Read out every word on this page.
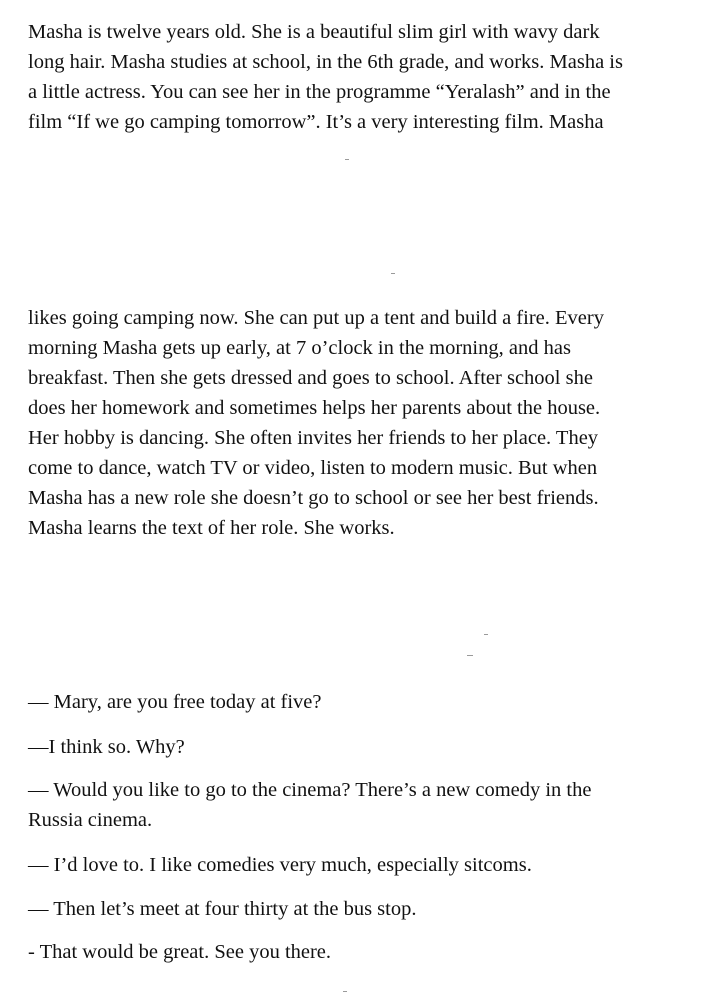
Masha is twelve years old. She is a beautiful slim girl with wavy dark
long hair. Masha studies at school, in the 6th grade, and works. Masha is
a little actress. You can see her in the programme “Yeralash” and in the
film “If we go camping tomorrow”. It’s a very interesting film. Masha
likes going camping now. She can put up a tent and build a fire. Every
morning Masha gets up early, at 7 o’clock in the morning, and has
breakfast. Then she gets dressed and goes to school. After school she
does her homework and sometimes helps her parents about the house.
Her hobby is dancing. She often invites her friends to her place. They
come to dance, watch TV or video, listen to modern music. But when
Masha has a new role she doesn’t go to school or see her best friends.
Masha learns the text of her role. She works.

— Mary, are you free today at five?

—I think so. Why?

— Would you like to go to the cinema? There’s a new comedy in the

Russia cinema.

— I’d love to. I like comedies very much, especially sitcoms.

— Then let’s meet at four thirty at the bus stop.

- That would be great. See you there.
